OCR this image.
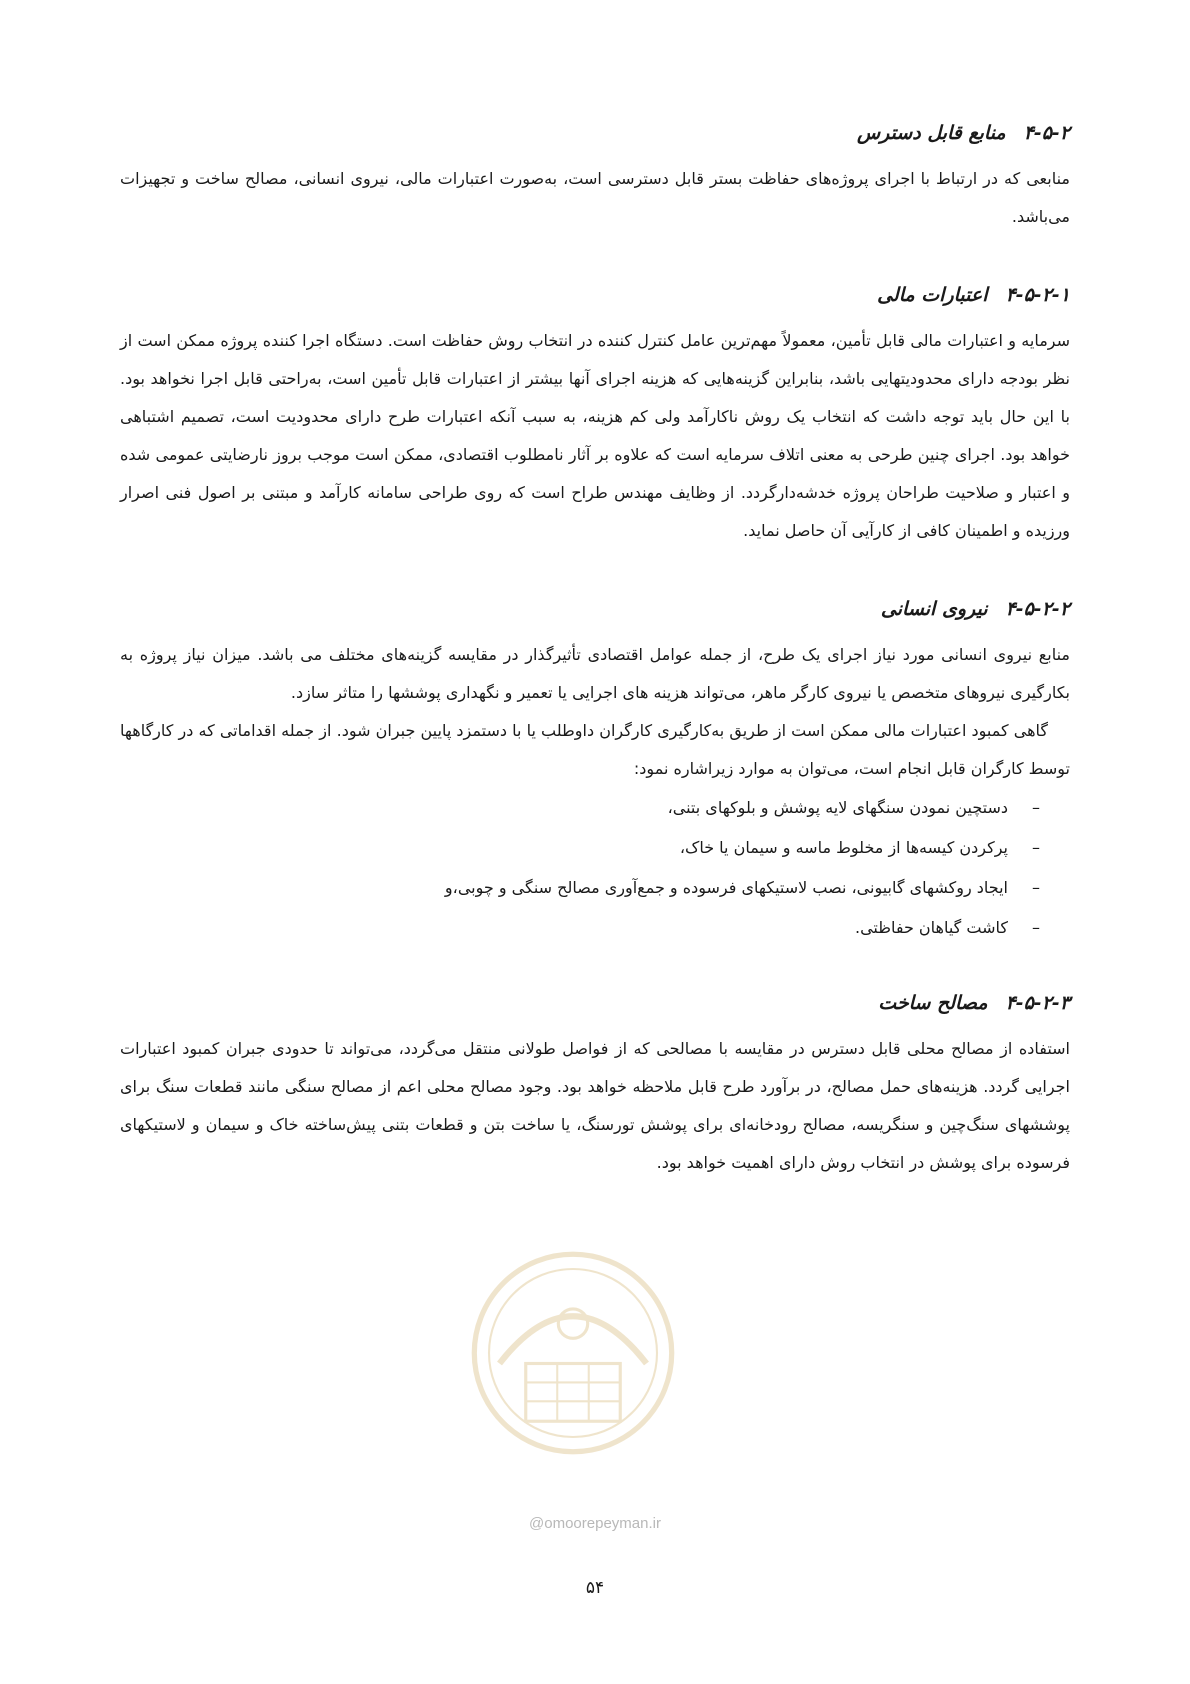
۴-۵-۲منابع قابل دسترس

منابعی که در ارتباط با اجرای پروژه‌های حفاظت بستر قابل دسترسی است، به‌صورت اعتبارات مالی، نیروی انسانی، مصالح ساخت و تجهیزات می‌باشد.

۴-۵-۲-۱اعتبارات مالی

سرمایه و اعتبارات مالی قابل تأمین، معمولاً مهم‌ترین عامل کنترل کننده در انتخاب روش حفاظت است. دستگاه اجرا کننده پروژه ممکن است از نظر بودجه دارای محدودیتهایی باشد، بنابراین گزینه‌هایی که هزینه اجرای آنها بیشتر از اعتبارات قابل تأمین است، به‌راحتی قابل اجرا نخواهد بود. با این حال باید توجه داشت که انتخاب یک روش ناکارآمد ولی کم هزینه، به سبب آنکه اعتبارات طرح دارای محدودیت است، تصمیم اشتباهی خواهد بود. اجرای چنین طرحی به معنی اتلاف سرمایه است که علاوه بر آثار نامطلوب اقتصادی، ممکن است موجب بروز نارضایتی عمومی شده و اعتبار و صلاحیت طراحان پروژه خدشه‌دارگردد. از وظایف مهندس طراح است که روی طراحی سامانه کارآمد و مبتنی بر اصول فنی اصرار ورزیده و اطمینان کافی از کارآیی آن حاصل نماید.

۴-۵-۲-۲نیروی انسانی

منابع نیروی انسانی مورد نیاز اجرای یک طرح، از جمله عوامل اقتصادی تأثیرگذار در مقایسه گزینه‌های مختلف می باشد. میزان نیاز پروژه به بکارگیری نیروهای متخصص یا نیروی کارگر ماهر، می‌تواند هزینه های اجرایی یا تعمیر و نگهداری پوششها را متاثر سازد.

گاهی کمبود اعتبارات مالی ممکن است از طریق به‌کارگیری کارگران داوطلب یا با دستمزد پایین جبران شود. از جمله اقداماتی که در کارگاهها توسط کارگران قابل انجام است، می‌توان به موارد زیراشاره نمود:

–
دستچین نمودن سنگهای لایه پوشش و بلوکهای بتنی،
–
پرکردن کیسه‌ها از مخلوط ماسه و سیمان یا خاک،
–
ایجاد روکشهای گابیونی، نصب لاستیکهای فرسوده و جمع‌آوری مصالح سنگی و چوبی،و
–
کاشت گیاهان حفاظتی.
۴-۵-۲-۳مصالح ساخت

استفاده از مصالح محلی قابل دسترس در مقایسه با مصالحی که از فواصل طولانی منتقل می‌گردد، می‌تواند تا حدودی جبران کمبود اعتبارات اجرایی گردد. هزینه‌های حمل مصالح، در برآورد طرح قابل ملاحظه خواهد بود. وجود مصالح محلی اعم از مصالح سنگی مانند قطعات سنگ برای پوششهای سنگ‌چین و سنگریسه، مصالح رودخانه‌ای برای پوشش تورسنگ، یا ساخت بتن و قطعات بتنی پیش‌ساخته خاک و سیمان و لاستیکهای فرسوده برای پوشش در انتخاب روش دارای اهمیت خواهد بود.

@omoorepeyman.ir
۵۴
